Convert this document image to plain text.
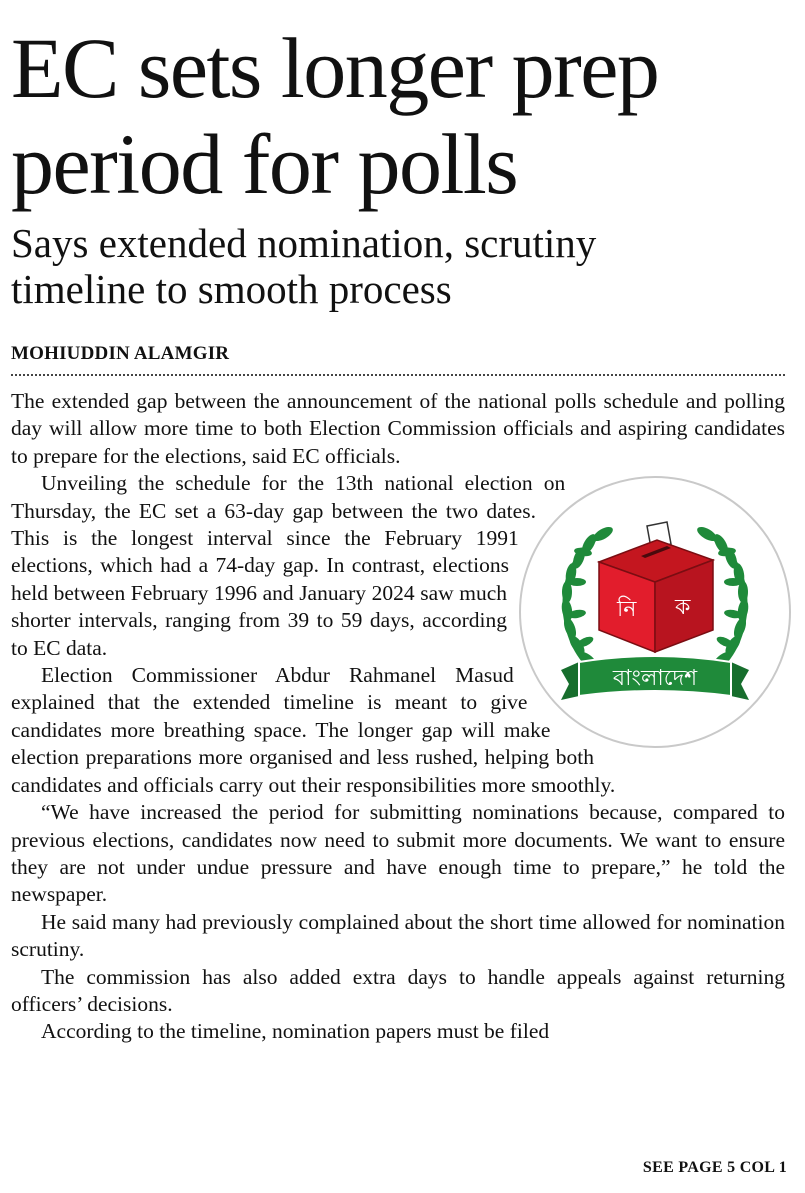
EC sets longer prep
period for polls
Says extended nomination, scrutiny
timeline to smooth process
MOHIUDDIN ALAMGIR

The extended gap between the announcement of the national polls schedule and polling day will allow more time to both Election Commission officials and aspiring candidates to prepare for the elections, said EC officials.

নি ক
বাংলাদেশ

Unveiling the schedule for the 13th national election on Thursday, the EC set a 63-day gap between the two dates. This is the longest interval since the February 1991 elections, which had a 74-day gap. In contrast, elections held between February 1996 and January 2024 saw much shorter intervals, ranging from 39 to 59 days, according to EC data.

Election Commissioner Abdur Rahmanel Masud explained that the extended timeline is meant to give candidates more breathing space. The longer gap will make election preparations more organised and less rushed, helping both candidates and officials carry out their responsibilities more smoothly.

“We have increased the period for submitting nominations because, compared to previous elections, candidates now need to submit more documents. We want to ensure they are not under undue pressure and have enough time to prepare,” he told the newspaper.

He said many had previously complained about the short time allowed for nomination scrutiny.

The commission has also added extra days to handle appeals against returning officers’ decisions.

According to the timeline, nomination papers must be filed

SEE PAGE 5 COL 1
